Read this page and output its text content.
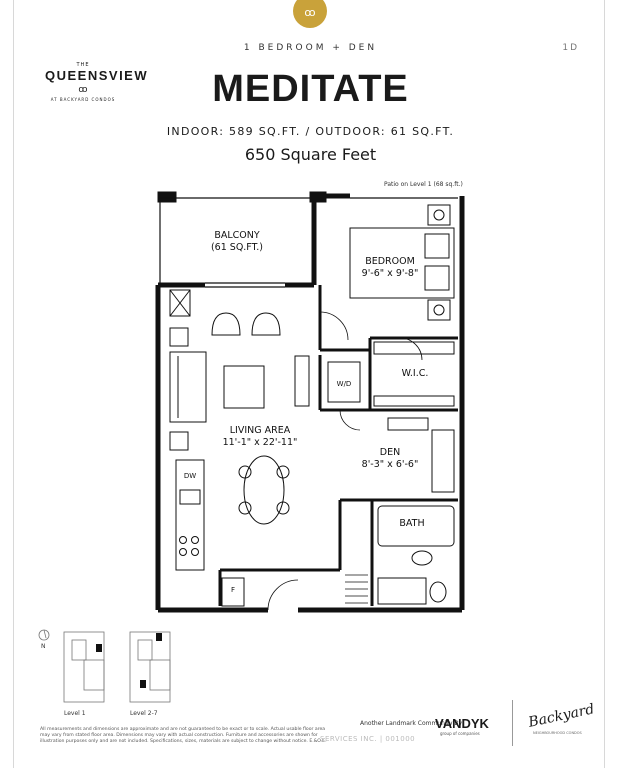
ꝏ
1 BEDROOM + DEN	1D
THE
QUEENSVIEW
ꝏ
AT BACKYARD CONDOS	MEDITATE
INDOOR: 589 SQ.FT. / OUTDOOR: 61 SQ.FT.
650 Square Feet
Patio on Level 1 (68 sq.ft.)
BALCONY
(61 SQ.FT.)
BEDROOM
9'-6" x 9'-8"
W.I.C.
W/D
LIVING AREA
11'-1" x 22'-11"
DEN
8'-3" x 6'-6"
BATH
DW
F
N
Level 1	Level 2-7
All measurements and dimensions are approximate and are not guaranteed to be exact or to scale. Actual usable floor area may vary from stated floor area. Dimensions may vary with actual construction. Furniture and accessories are shown for illustration purposes only and are not included. Specifications, sizes, materials are subject to change without notice. E.&O.E.
SERVICES INC. | 001000
Another Landmark Community By
VANDYK
group of companies
Backyard
NEIGHBOURHOOD CONDOS
